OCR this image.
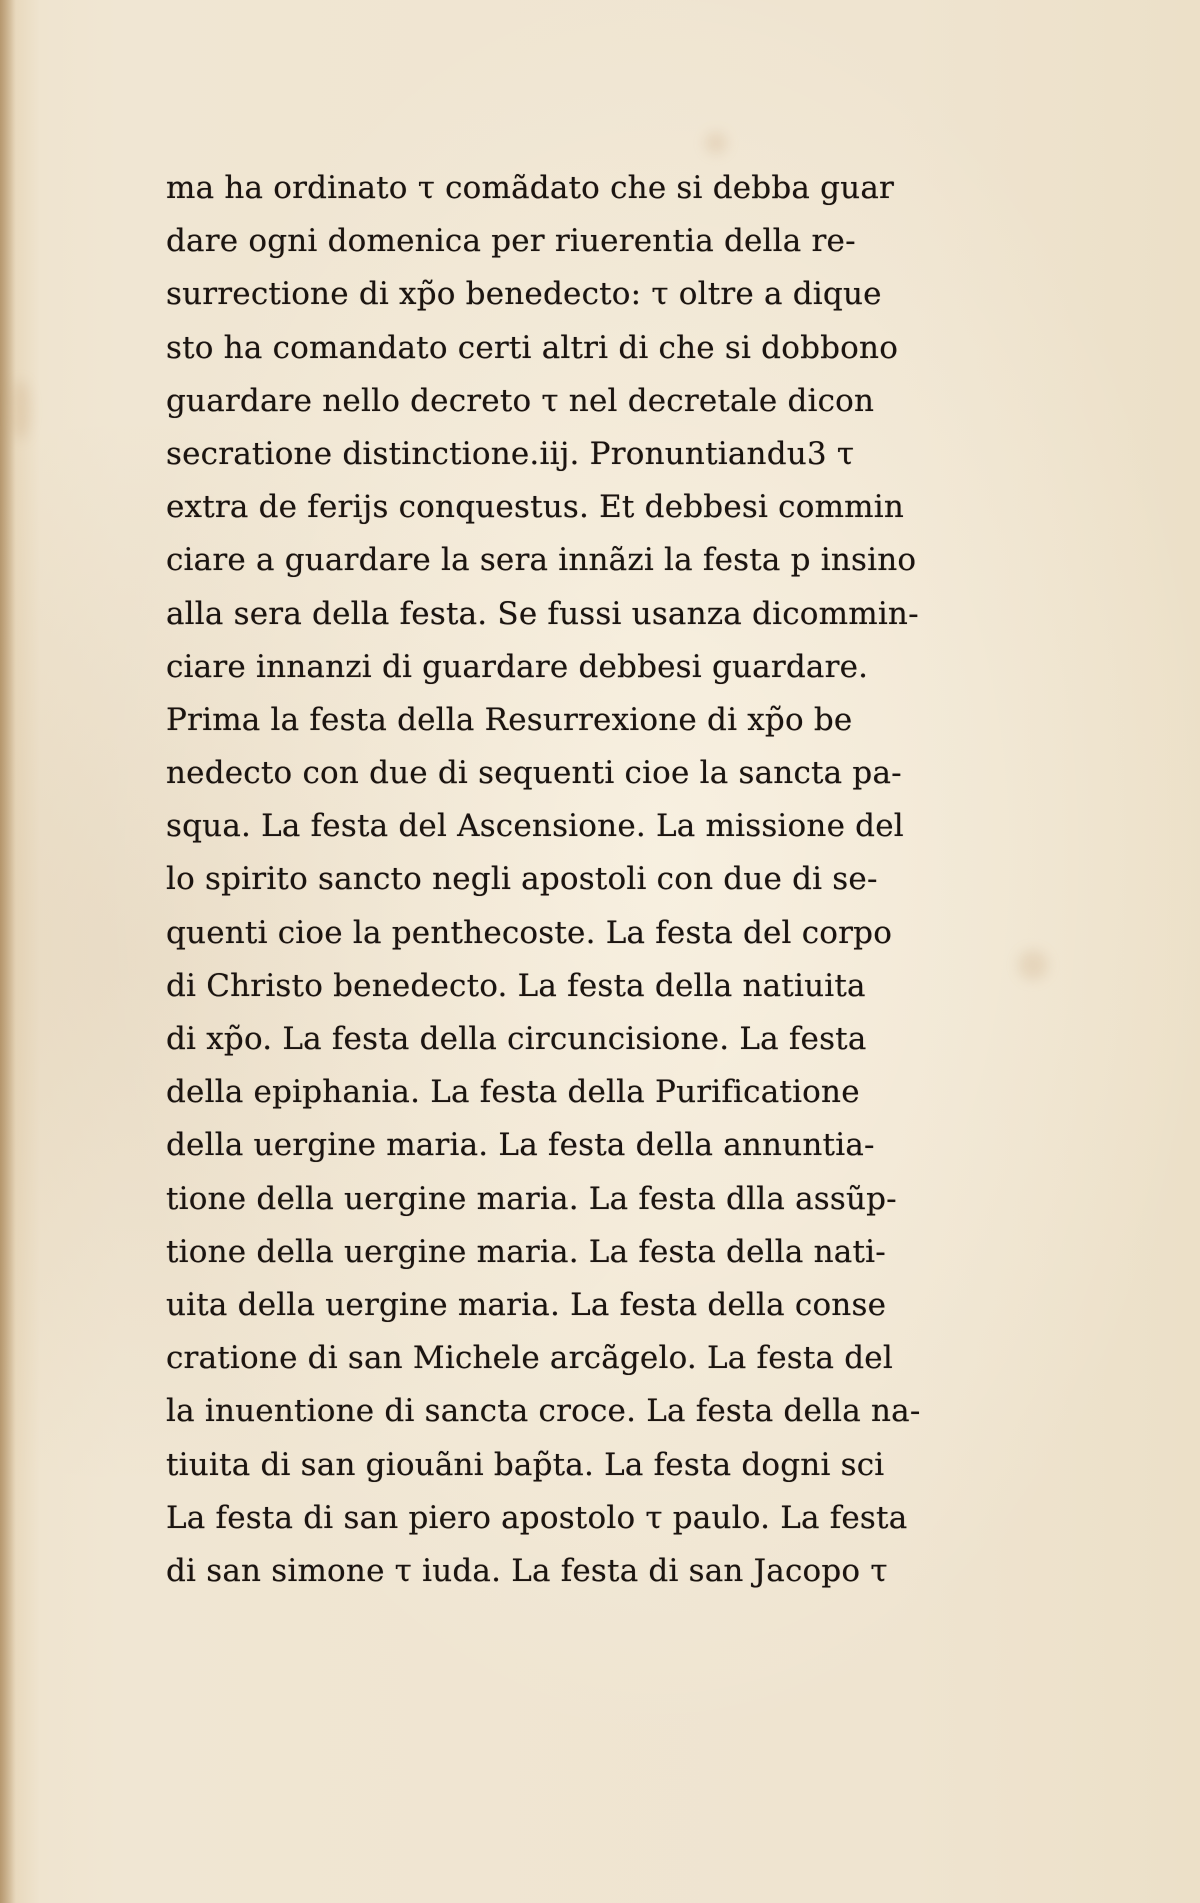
ma ha ordinato τ comãdato che si debba guar
dare ogni domenica per riuerentia della re-
surrectione di xp̃o benedecto: τ oltre a dique
sto ha comandato certi altri di che si dobbono
guardare nello decreto τ nel decretale dicon
secratione distinctione.iij. Pronuntiandu3 τ
extra de ferijs conquestus. Et debbesi commin
ciare a guardare la sera innãzi la festa p insino
alla sera della festa. Se fussi usanza dicommin-
ciare innanzi di guardare debbesi guardare.
Prima la festa della Resurrexione di xp̃o be
nedecto con due di sequenti cioe la sancta pa-
squa. La festa del Ascensione. La missione del
lo spirito sancto negli apostoli con due di se-
quenti cioe la penthecoste. La festa del corpo
di Christo benedecto. La festa della natiuita
di xp̃o. La festa della circuncisione. La festa
della epiphania. La festa della Purificatione
della uergine maria. La festa della annuntia-
tione della uergine maria. La festa dlla assũp-
tione della uergine maria. La festa della nati-
uita della uergine maria. La festa della conse
cratione di san Michele arcãgelo. La festa del
la inuentione di sancta croce. La festa della na-
tiuita di san giouãni bap̃ta. La festa dogni sci
La festa di san piero apostolo τ paulo. La festa
di san simone τ iuda. La festa di san Jacopo τ
